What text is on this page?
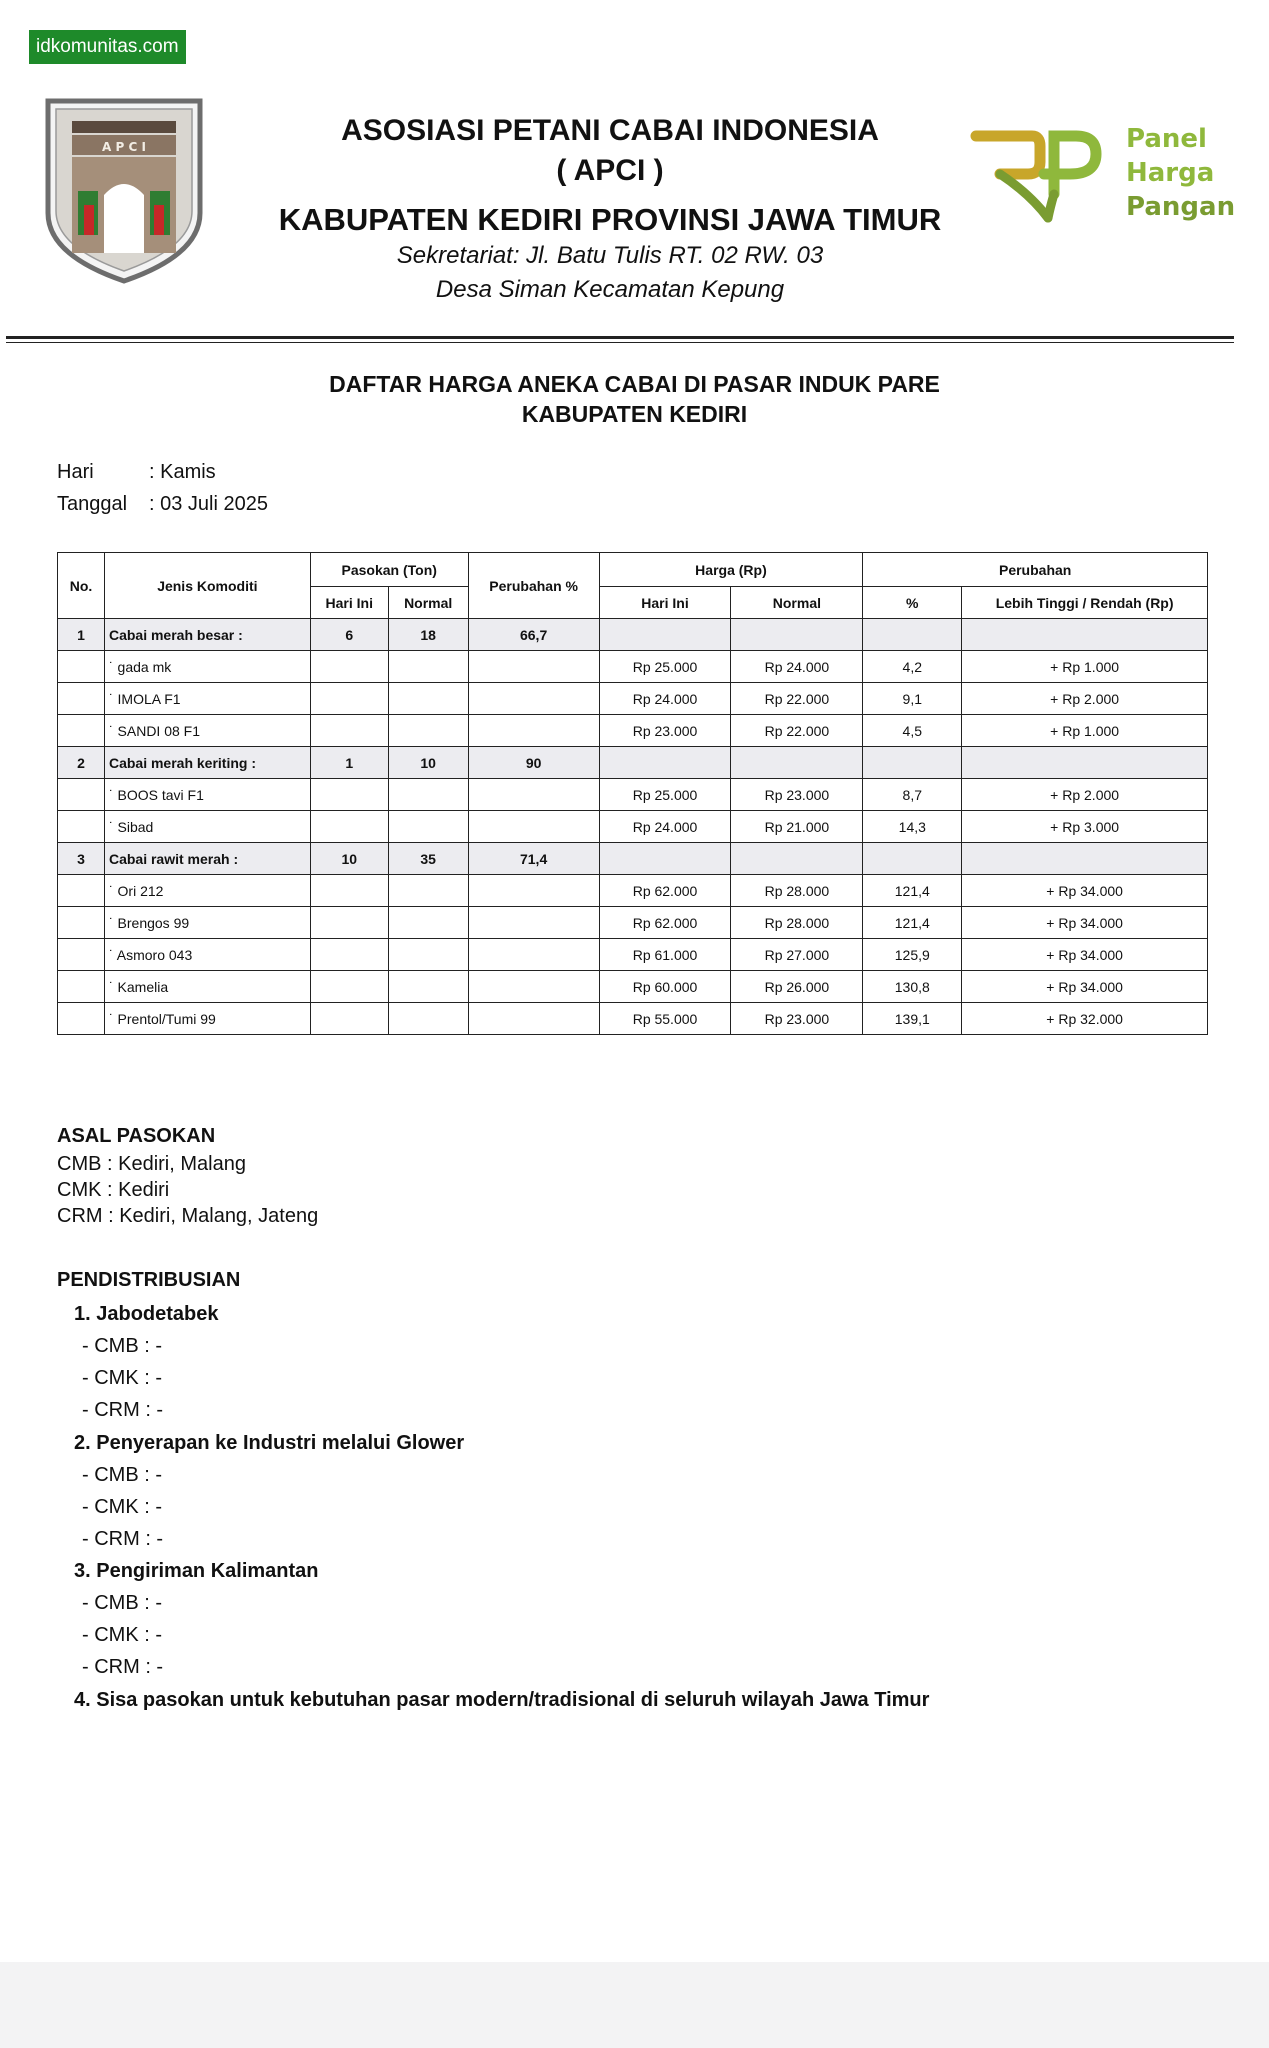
idkomunitas.com
A P C I	ASOSIASI PETANI CABAI INDONESIA
( APCI )
KABUPATEN KEDIRI PROVINSI JAWA TIMUR
Sekretariat: Jl. Batu Tulis RT. 02 RW. 03
Desa Siman Kecamatan Kepung
Panel
Harga
Pangan
DAFTAR HARGA ANEKA CABAI DI PASAR INDUK PARE
KABUPATEN KEDIRI
Hari	: Kamis
Tanggal : 03 Juli 2025
No.	Jenis Komoditi	Pasokan (Ton)		Perubahan %	Harga (Rp)		Perubahan	
		Hari Ini	Normal		Hari Ini	Normal	%	Lebih Tinggi / Rendah (Rp)
1	Cabai merah besar :	6	18	66,7				
	˙ gada mk				Rp 25.000	Rp 24.000	4,2	+ Rp 1.000
	˙ IMOLA F1				Rp 24.000	Rp 22.000	9,1	+ Rp 2.000
	˙ SANDI 08 F1				Rp 23.000	Rp 22.000	4,5	+ Rp 1.000
2	Cabai merah keriting :	1	10	90				
	˙ BOOS tavi F1				Rp 25.000	Rp 23.000	8,7	+ Rp 2.000
	˙ Sibad				Rp 24.000	Rp 21.000	14,3	+ Rp 3.000
3	Cabai rawit merah :	10	35	71,4				
	˙ Ori 212				Rp 62.000	Rp 28.000	121,4	+ Rp 34.000
	˙ Brengos 99				Rp 62.000	Rp 28.000	121,4	+ Rp 34.000
	˙ Asmoro 043				Rp 61.000	Rp 27.000	125,9	+ Rp 34.000
	˙ Kamelia				Rp 60.000	Rp 26.000	130,8	+ Rp 34.000
	˙ Prentol/Tumi 99				Rp 55.000	Rp 23.000	139,1	+ Rp 32.000
ASAL PASOKAN
CMB : Kediri, Malang
CMK : Kediri
CRM : Kediri, Malang, Jateng
PENDISTRIBUSIAN
1. Jabodetabek
- CMB : -
- CMK : -
- CRM : -
2. Penyerapan ke Industri melalui Glower
- CMB : -
- CMK : -
- CRM : -
3. Pengiriman Kalimantan
- CMB : -
- CMK : -
- CRM : -
4. Sisa pasokan untuk kebutuhan pasar modern/tradisional di seluruh wilayah Jawa Timur
